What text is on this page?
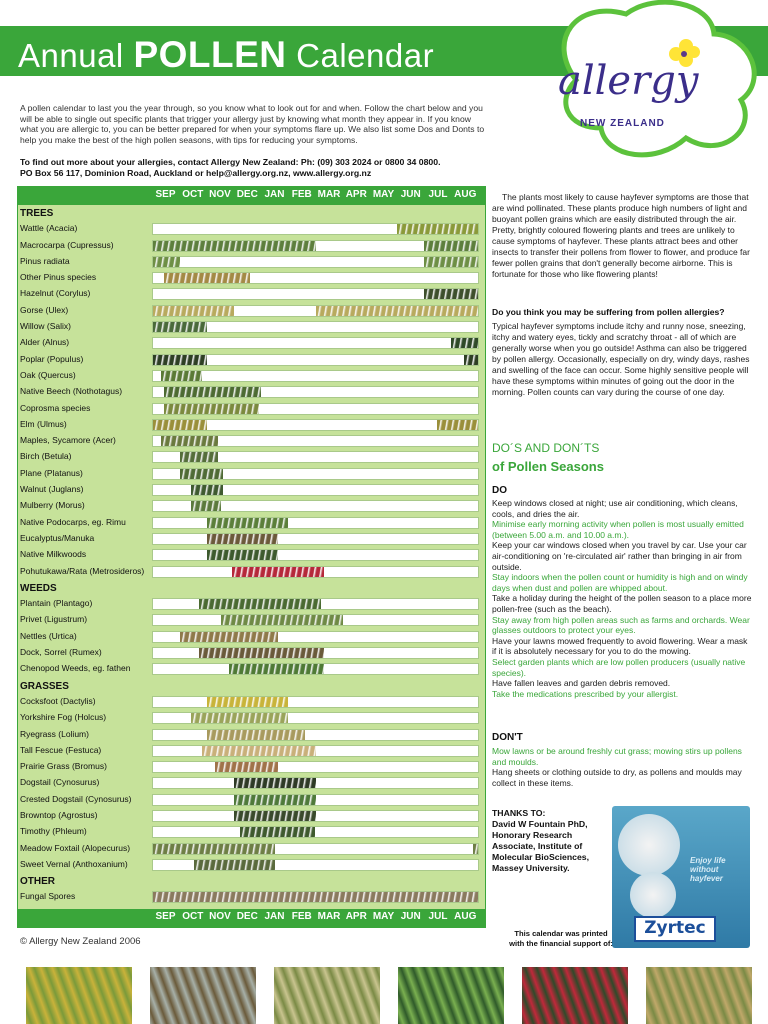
Annual POLLEN Calendar
allergy
NEW ZEALAND

A pollen calendar to last you the year through, so you know what to look out for and when. Follow the chart below and you will be able to single out specific plants that trigger your allergy just by knowing what month they appear in. If you know what you are allergic to, you can be better prepared for when your symptoms flare up. We also list some Dos and Donts to help you make the best of the high pollen seasons, with tips for reducing your symptoms.

To find out more about your allergies, contact Allergy New Zealand: Ph: (09) 303 2024 or 0800 34 0800.
PO Box 56 117, Dominion Road, Auckland or help@allergy.org.nz, www.allergy.org.nz
SEP OCT NOV DEC JAN FEB MAR APR MAY JUN JUL AUG
TREES
Wattle (Acacia)
Macrocarpa (Cupressus)
Pinus radiata
Other Pinus species
Hazelnut (Corylus)
Gorse (Ulex)
Willow (Salix)
Alder (Alnus)
Poplar (Populus)
Oak (Quercus)
Native Beech (Nothotagus)
Coprosma species
Elm (Ulmus)
Maples, Sycamore (Acer)
Birch (Betula)
Plane (Platanus)
Walnut (Juglans)
Mulberry (Morus)
Native Podocarps, eg. Rimu
Eucalyptus/Manuka
Native Milkwoods
Pohutukawa/Rata (Metrosideros)
WEEDS
Plantain (Plantago)
Privet (Ligustrum)
Nettles (Urtica)
Dock, Sorrel (Rumex)
Chenopod Weeds, eg. fathen
GRASSES
Cocksfoot (Dactylis)
Yorkshire Fog (Holcus)
Ryegrass (Lolium)
Tall Fescue (Festuca)
Prairie Grass (Bromus)
Dogstail (Cynosurus)
Crested Dogstail (Cynosurus)
Browntop (Agrostus)
Timothy (Phleum)
Meadow Foxtail (Alopecurus)
Sweet Vernal (Anthoxanium)
OTHER
Fungal Spores
SEP OCT NOV DEC JAN FEB MAR APR MAY JUN JUL AUG

The plants most likely to cause hayfever symptoms are those that are wind pollinated. These plants produce high numbers of light and buoyant pollen grains which are easily distributed through the air. Pretty, brightly coloured flowering plants and trees are unlikely to cause symptoms of hayfever. These plants attract bees and other insects to transfer their pollens from flower to flower, and produce far fewer pollen grains that don't generally become airborne. This is fortunate for those who like flowering plants!

Do you think you may be suffering from pollen allergies?

Typical hayfever symptoms include itchy and runny nose, sneezing, itchy and watery eyes, tickly and scratchy throat - all of which are generally worse when you go outside! Asthma can also be triggered by pollen allergy. Occasionally, especially on dry, windy days, rashes and swelling of the face can occur. Some highly sensitive people will have these symptoms within minutes of going out the door in the morning. Pollen counts can vary during the course of one day.

DO´S AND DON´TS
of Pollen Seasons
DO

Keep windows closed at night; use air conditioning, which cleans, cools, and dries the air.

Minimise early morning activity when pollen is most usually emitted (between 5.00 a.m. and 10.00 a.m.).

Keep your car windows closed when you travel by car. Use your car air-conditioning on 're-circulated air' rather than bringing in air from outside.

Stay indoors when the pollen count or humidity is high and on windy days when dust and pollen are whipped about.

Take a holiday during the height of the pollen season to a place more pollen-free (such as the beach).

Stay away from high pollen areas such as farms and orchards. Wear glasses outdoors to protect your eyes.

Have your lawns mowed frequently to avoid flowering. Wear a mask if it is absolutely necessary for you to do the mowing.

Select garden plants which are low pollen producers (usually native species).

Have fallen leaves and garden debris removed.

Take the medications prescribed by your allergist.

DON'T

Mow lawns or be around freshly cut grass; mowing stirs up pollens and moulds.

Hang sheets or clothing outside to dry, as pollens and moulds may collect in these items.

THANKS TO:
David W Fountain PhD,
Honorary Research
Associate, Institute of
Molecular BioSciences,
Massey University.
Enjoy life
without
hayfever
Zyrtec
This calendar was printed with the financial support of:
© Allergy New Zealand 2006
